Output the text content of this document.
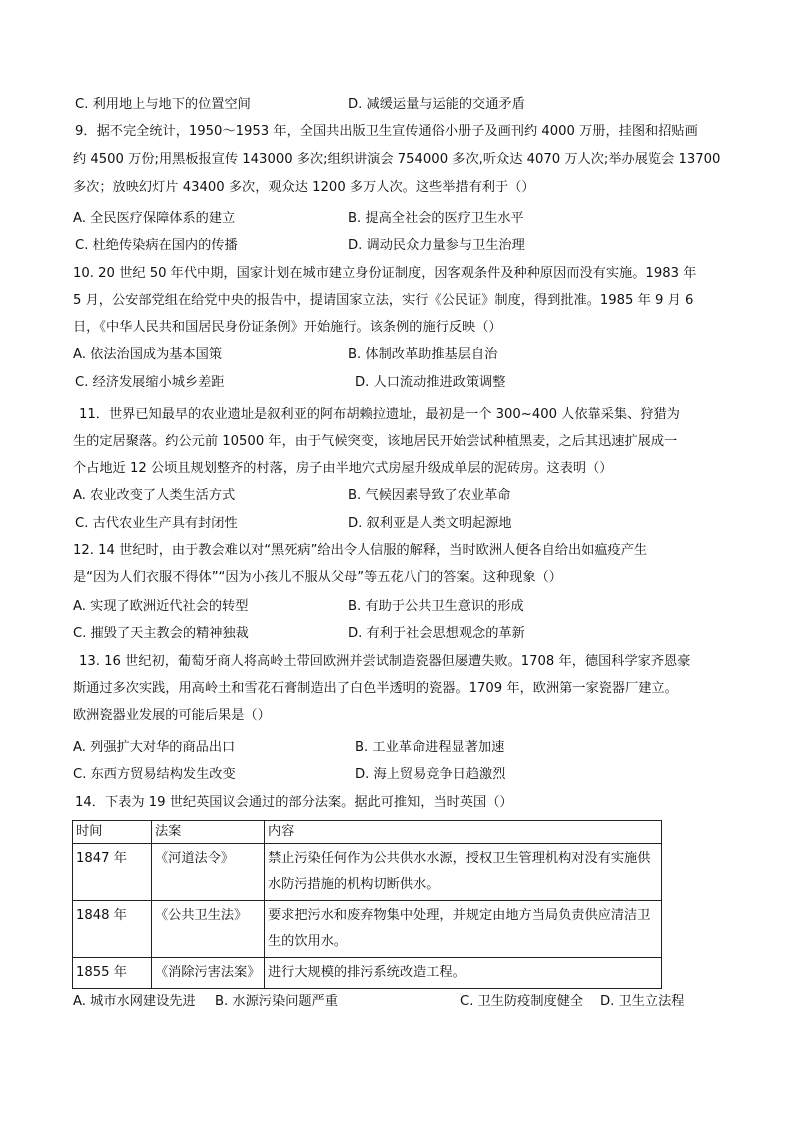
C. 利用地上与地下的位置空间	D. 减缓运量与运能的交通矛盾
9．据不完全统计，1950～1953 年，全国共出版卫生宣传通俗小册子及画刊约 4000 万册，挂图和招贴画
约 4500 万份;用黑板报宣传 143000 多次;组织讲演会 754000 多次,听众达 4070 万人次;举办展览会 13700
多次；放映幻灯片 43400 多次，观众达 1200 多万人次。这些举措有利于（）
A. 全民医疗保障体系的建立	B. 提高全社会的医疗卫生水平
C. 杜绝传染病在国内的传播	D. 调动民众力量参与卫生治理
10. 20 世纪 50 年代中期，国家计划在城市建立身份证制度，因客观条件及种种原因而没有实施。1983 年
5 月，公安部党组在给党中央的报告中，提请国家立法，实行《公民证》制度，得到批准。1985 年 9 月 6
日，《中华人民共和国居民身份证条例》开始施行。该条例的施行反映（）
A. 依法治国成为基本国策	B. 体制改革助推基层自治
C. 经济发展缩小城乡差距	D. 人口流动推进政策调整
11．世界已知最早的农业遗址是叙利亚的阿布胡赖拉遗址，最初是一个 300~400 人依靠采集、狩猎为
生的定居聚落。约公元前 10500 年，由于气候突变，该地居民开始尝试种植黑麦，之后其迅速扩展成一
个占地近 12 公顷且规划整齐的村落，房子由半地穴式房屋升级成单层的泥砖房。这表明（）
A. 农业改变了人类生活方式	B. 气候因素导致了农业革命
C. 古代农业生产具有封闭性	D. 叙利亚是人类文明起源地
12. 14 世纪时，由于教会难以对“黑死病”给出令人信服的解释，当时欧洲人便各自给出如瘟疫产生
是“因为人们衣服不得体”“因为小孩儿不服从父母”等五花八门的答案。这种现象（）
A. 实现了欧洲近代社会的转型	B. 有助于公共卫生意识的形成
C. 摧毁了天主教会的精神独裁	D. 有利于社会思想观念的革新
13. 16 世纪初，葡萄牙商人将高岭土带回欧洲并尝试制造瓷器但屡遭失败。1708 年，德国科学家齐恩豪
斯通过多次实践，用高岭土和雪花石膏制造出了白色半透明的瓷器。1709 年，欧洲第一家瓷器厂建立。
欧洲瓷器业发展的可能后果是（）
A. 列强扩大对华的商品出口	B. 工业革命进程显著加速
C. 东西方贸易结构发生改变	D. 海上贸易竞争日趋激烈
14．下表为 19 世纪英国议会通过的部分法案。据此可推知，当时英国（）
时间	法案	内容
1847 年	《河道法令》	禁止污染任何作为公共供水水源，授权卫生管理机构对没有实施供水防污措施的机构切断供水。
1848 年	《公共卫生法》	要求把污水和废弃物集中处理，并规定由地方当局负责供应清洁卫生的饮用水。
1855 年	《消除污害法案》	进行大规模的排污系统改造工程。
A. 城市水网建设先进 B. 水源污染问题严重	C. 卫生防疫制度健全 D. 卫生立法程
